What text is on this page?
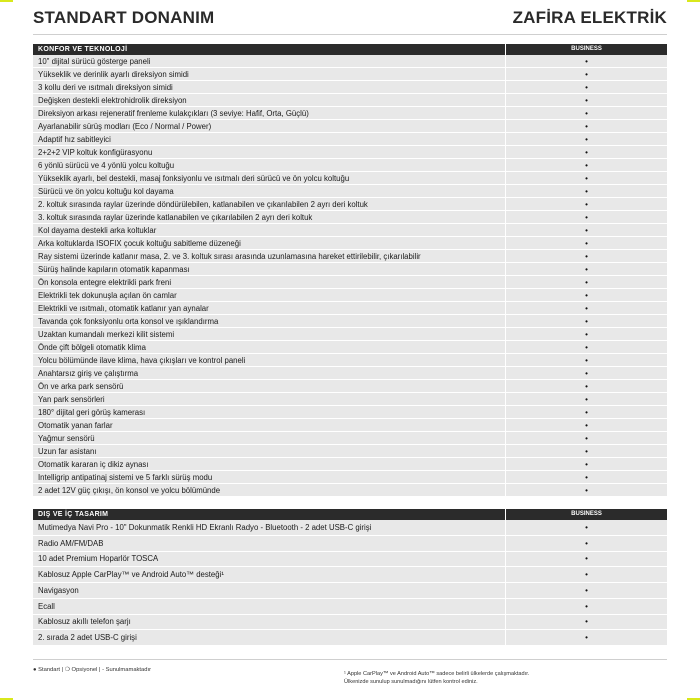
STANDART DONANIM	ZAFİRA ELEKTRİK
KONFOR VE TEKNOLOJİ	BUSINESS
10" dijital sürücü gösterge paneli	•
Yükseklik ve derinlik ayarlı direksiyon simidi	•
3 kollu deri ve ısıtmalı direksiyon simidi	•
Değişken destekli elektrohidrolik direksiyon	•
Direksiyon arkası rejeneratif frenleme kulakçıkları (3 seviye: Hafif, Orta, Güçlü)	•
Ayarlanabilir sürüş modları (Eco / Normal / Power)	•
Adaptif hız sabitleyici	•
2+2+2 VIP koltuk konfigürasyonu	•
6 yönlü sürücü ve 4 yönlü yolcu koltuğu	•
Yükseklik ayarlı, bel destekli, masaj fonksiyonlu ve ısıtmalı deri sürücü ve ön yolcu koltuğu	•
Sürücü ve ön yolcu koltuğu kol dayama	•
2. koltuk sırasında raylar üzerinde döndürülebilen, katlanabilen ve çıkarılabilen 2 ayrı deri koltuk	•
3. koltuk sırasında raylar üzerinde katlanabilen ve çıkarılabilen 2 ayrı deri koltuk	•
Kol dayama destekli arka koltuklar	•
Arka koltuklarda ISOFIX çocuk koltuğu sabitleme düzeneği	•
Ray sistemi üzerinde katlanır masa, 2. ve 3. koltuk sırası arasında uzunlamasına hareket ettirilebilir, çıkarılabilir	•
Sürüş halinde kapıların otomatik kapanması	•
Ön konsola entegre elektrikli park freni	•
Elektrikli tek dokunuşla açılan ön camlar	•
Elektrikli ve ısıtmalı, otomatik katlanır yan aynalar	•
Tavanda çok fonksiyonlu orta konsol ve ışıklandırma	•
Uzaktan kumandalı merkezi kilit sistemi	•
Önde çift bölgeli otomatik klima	•
Yolcu bölümünde ilave klima, hava çıkışları ve kontrol paneli	•
Anahtarsız giriş ve çalıştırma	•
Ön ve arka park sensörü	•
Yan park sensörleri	•
180° dijital geri görüş kamerası	•
Otomatik yanan farlar	•
Yağmur sensörü	•
Uzun far asistanı	•
Otomatik kararan iç dikiz aynası	•
Intelligrip antipatinaj sistemi ve 5 farklı sürüş modu	•
2 adet 12V güç çıkışı, ön konsol ve yolcu bölümünde	•
DIŞ VE İÇ TASARIM	BUSINESS
Mutimedya Navi Pro - 10" Dokunmatik Renkli HD Ekranlı Radyo - Bluetooth - 2 adet USB-C girişi	•
Radio AM/FM/DAB	•
10 adet Premium Hoparlör TOSCA	•
Kablosuz Apple CarPlay™ ve Android Auto™ desteği¹	•
Navigasyon	•
Ecall	•
Kablosuz akıllı telefon şarjı	•
2. sırada 2 adet USB-C girişi	•
● Standart | ❍ Opsiyonel | - Sunulmamaktadır
¹ Apple CarPlay™ ve Android Auto™ sadece belirli ülkelerde çalışmaktadır.
Ülkenizde sunulup sunulmadığını lütfen kontrol ediniz.
